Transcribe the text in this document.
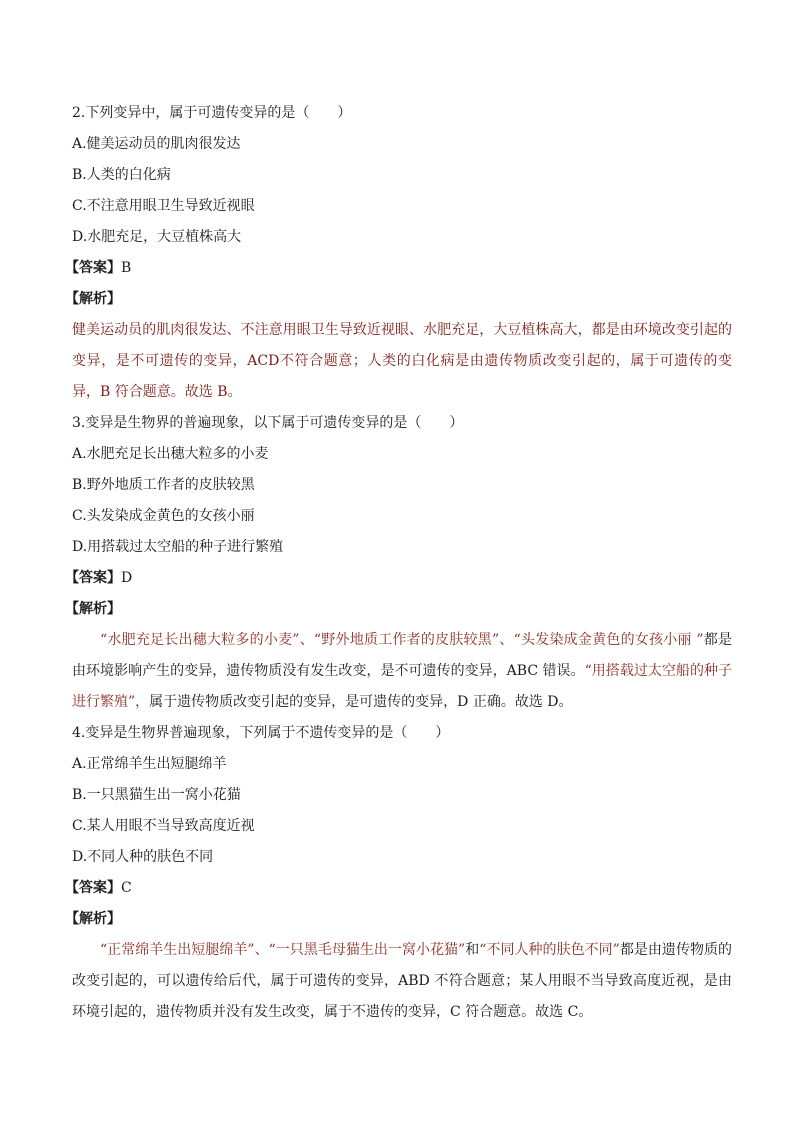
2.下列变异中，属于可遗传变异的是（　　）
A.健美运动员的肌肉很发达
B.人类的白化病
C.不注意用眼卫生导致近视眼
D.水肥充足，大豆植株高大
【答案】B
【解析】
健美运动员的肌肉很发达、不注意用眼卫生导致近视眼、水肥充足，大豆植株高大，都是由环境改变引起的变异，是不可遗传的变异，ACD不符合题意；人类的白化病是由遗传物质改变引起的，属于可遗传的变异，B 符合题意。故选 B。
3.变异是生物界的普遍现象，以下属于可遗传变异的是（　　）
A.水肥充足长出穗大粒多的小麦
B.野外地质工作者的皮肤较黑
C.头发染成金黄色的女孩小丽
D.用搭载过太空船的种子进行繁殖
【答案】D
【解析】
“水肥充足长出穗大粒多的小麦”、“野外地质工作者的皮肤较黑”、“头发染成金黄色的女孩小丽 ”都是由环境影响产生的变异，遗传物质没有发生改变，是不可遗传的变异，ABC 错误。“用搭载过太空船的种子进行繁殖”，属于遗传物质改变引起的变异，是可遗传的变异，D 正确。故选 D。
4.变异是生物界普遍现象，下列属于不遗传变异的是（　　）
A.正常绵羊生出短腿绵羊
B.一只黑猫生出一窝小花猫
C.某人用眼不当导致高度近视
D.不同人种的肤色不同
【答案】C
【解析】
“正常绵羊生出短腿绵羊”、“一只黑毛母猫生出一窝小花猫”和“不同人种的肤色不同”都是由遗传物质的改变引起的，可以遗传给后代，属于可遗传的变异，ABD 不符合题意；某人用眼不当导致高度近视，是由环境引起的，遗传物质并没有发生改变，属于不遗传的变异，C 符合题意。故选 C。
